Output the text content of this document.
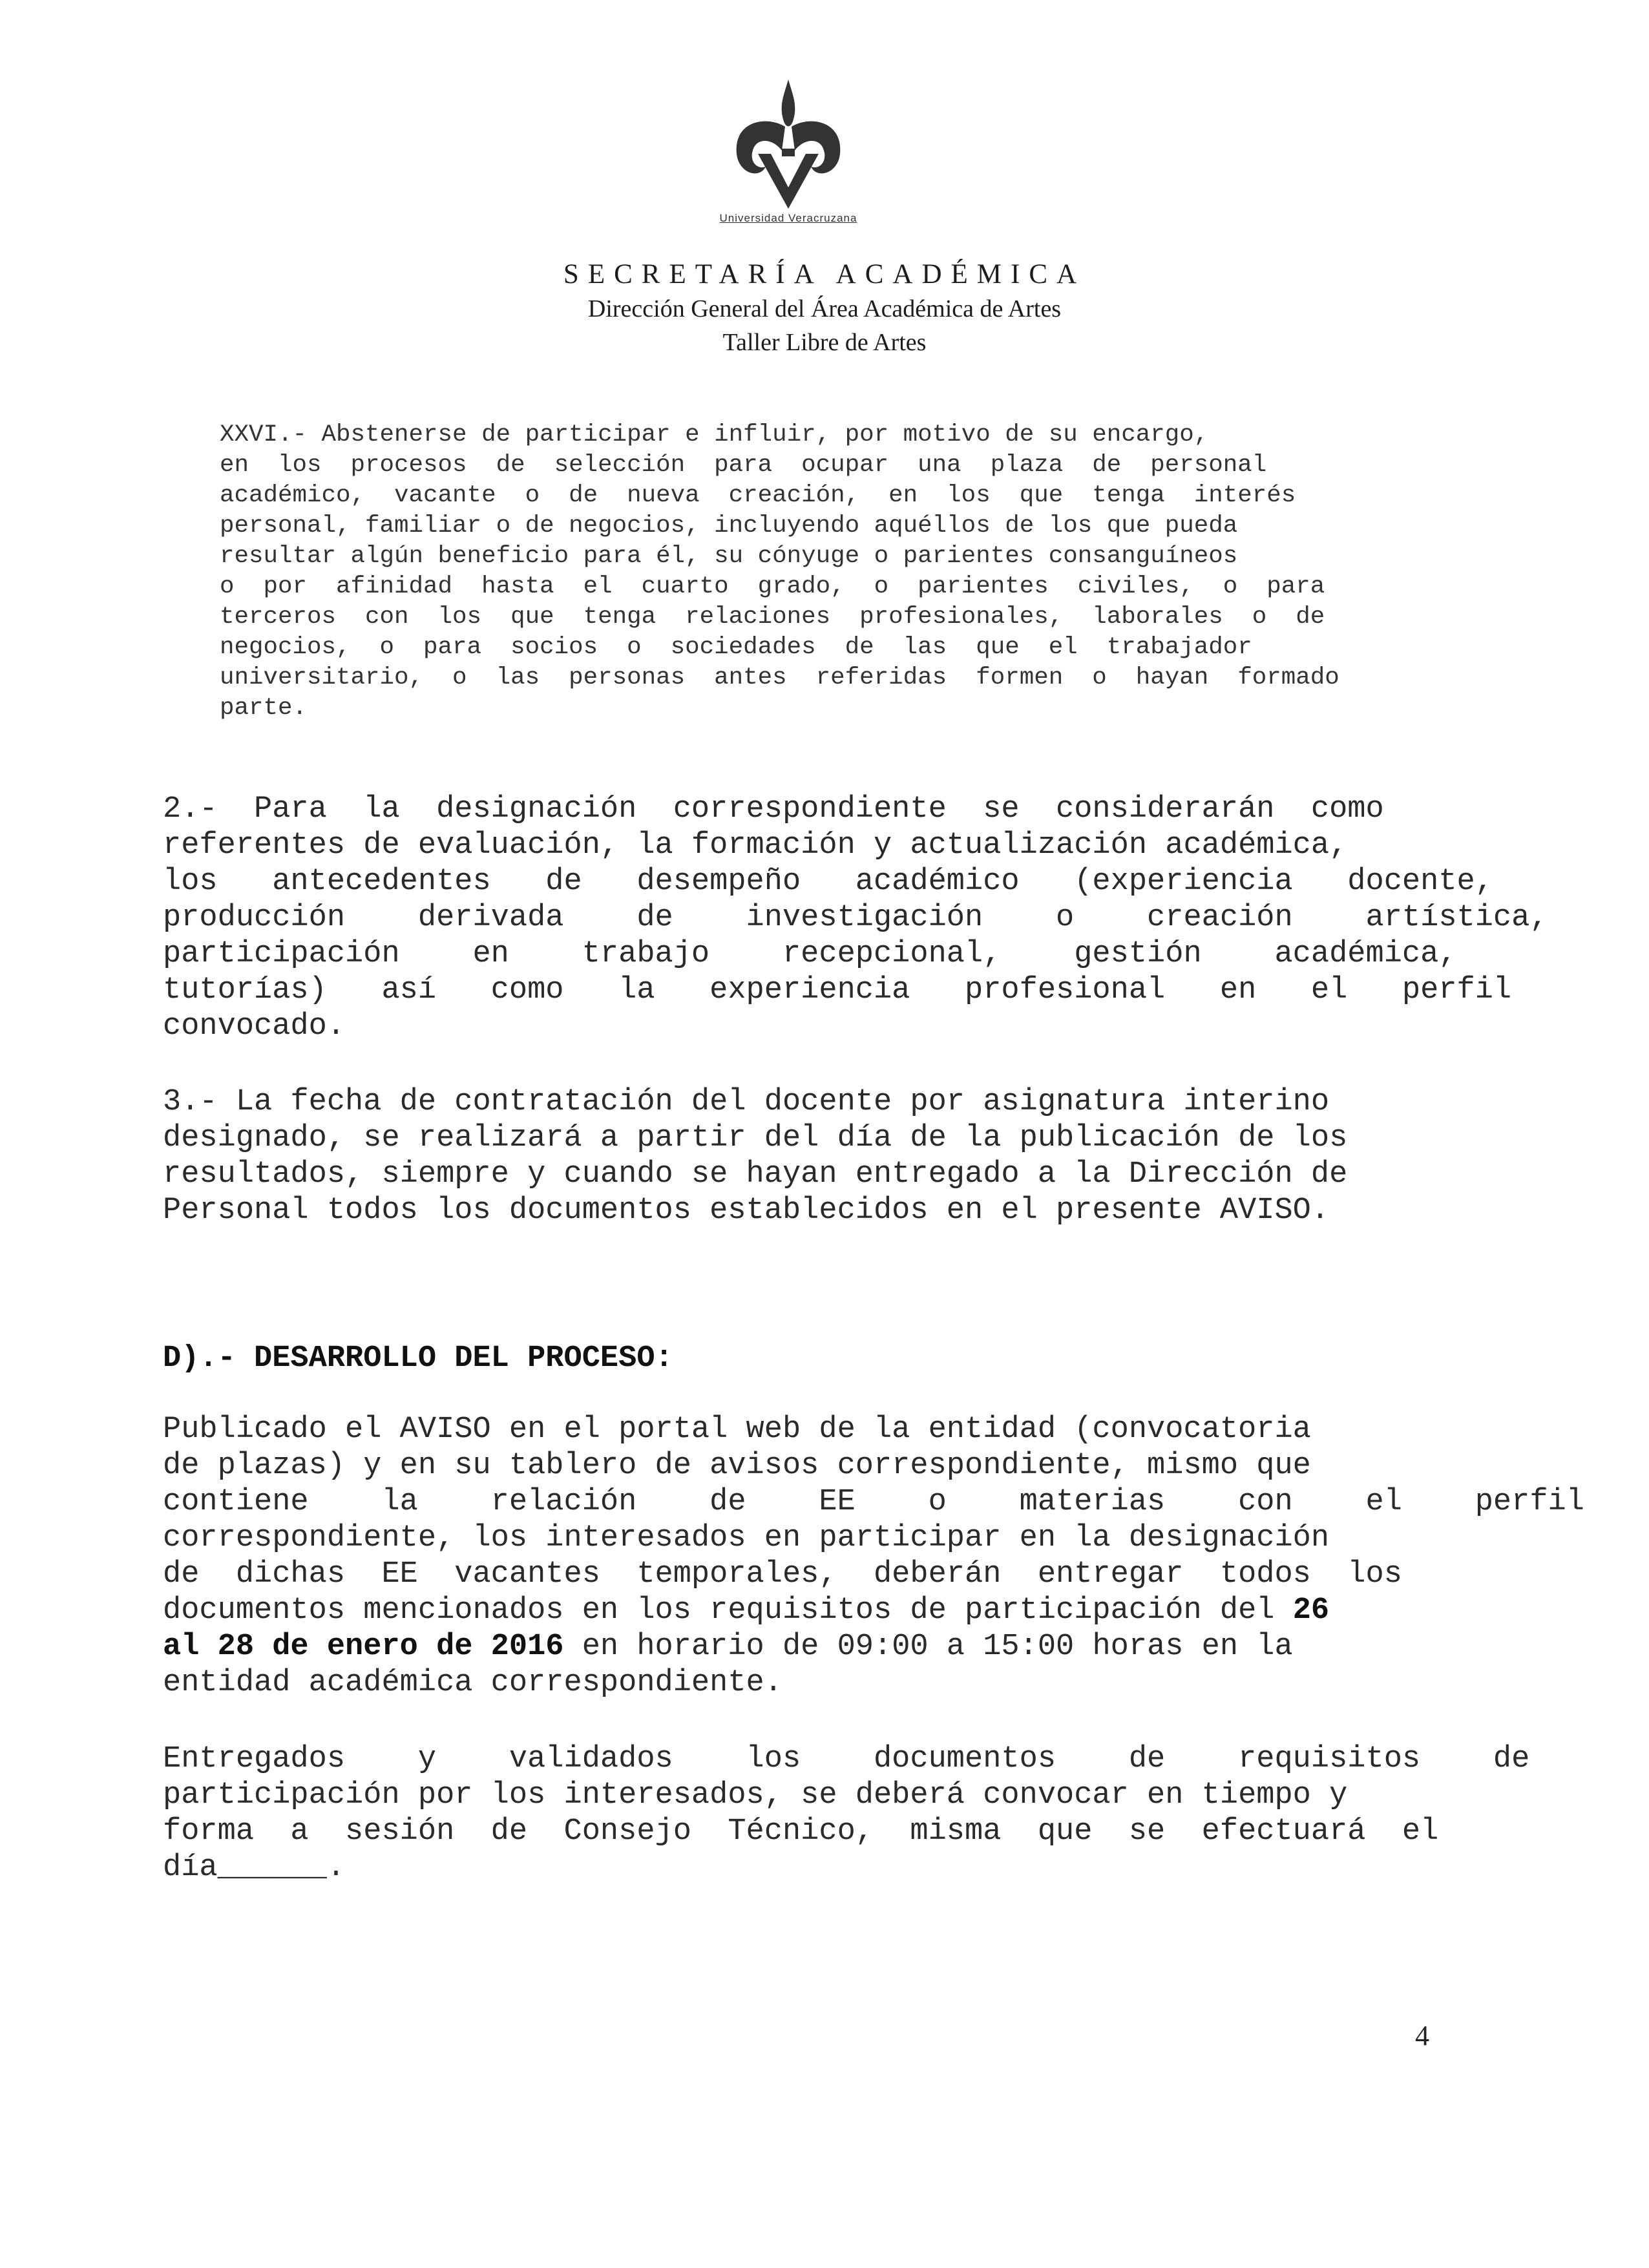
Universidad Veracruzana
SECRETARÍA ACADÉMICA
Dirección General del Área Académica de Artes
Taller Libre de Artes
XXVI.- Abstenerse de participar e influir, por motivo de su encargo,
en  los  procesos  de  selección  para  ocupar  una  plaza  de  personal
académico,  vacante  o  de  nueva  creación,  en  los  que  tenga  interés
personal, familiar o de negocios, incluyendo aquéllos de los que pueda
resultar algún beneficio para él, su cónyuge o parientes consanguíneos
o  por  afinidad  hasta  el  cuarto  grado,  o  parientes  civiles,  o  para
terceros  con  los  que  tenga  relaciones  profesionales,  laborales  o  de
negocios,  o  para  socios  o  sociedades  de  las  que  el  trabajador
universitario,  o  las  personas  antes  referidas  formen  o  hayan  formado
parte.
2.-  Para  la  designación  correspondiente  se  considerarán  como
referentes de evaluación, la formación y actualización académica,
los   antecedentes   de   desempeño   académico   (experiencia   docente,
producción    derivada    de    investigación    o    creación    artística,
participación    en    trabajo    recepcional,    gestión    académica,
tutorías)   así   como   la   experiencia   profesional   en   el   perfil
convocado.
3.- La fecha de contratación del docente por asignatura interino
designado, se realizará a partir del día de la publicación de los
resultados, siempre y cuando se hayan entregado a la Dirección de
Personal todos los documentos establecidos en el presente AVISO.
D).- DESARROLLO DEL PROCESO:
Publicado el AVISO en el portal web de la entidad (convocatoria
de plazas) y en su tablero de avisos correspondiente, mismo que
contiene    la    relación    de    EE    o    materias    con    el    perfil
correspondiente, los interesados en participar en la designación
de  dichas  EE  vacantes  temporales,  deberán  entregar  todos  los
documentos mencionados en los requisitos de participación del 26
al 28 de enero de 2016 en horario de 09:00 a 15:00 horas en la
entidad académica correspondiente.
Entregados    y    validados    los    documentos    de    requisitos    de
participación por los interesados, se deberá convocar en tiempo y
forma  a  sesión  de  Consejo  Técnico,  misma  que  se  efectuará  el
día______.
4
